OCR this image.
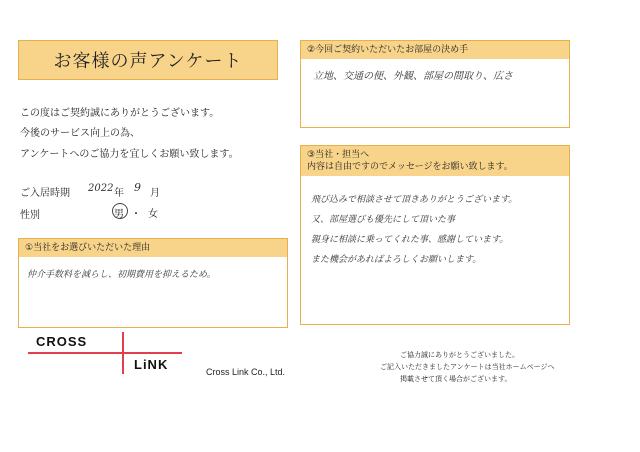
お客様の声アンケート
この度はご契約誠にありがとうございます。
今後のサービス向上の為、
アンケートへのご協力を宜しくお願い致します。
ご入居時期 2022 年 9 月
性別	男 ・ 女
①当社をお選びいただいた理由
仲介手数料を減らし、初期費用を抑えるため。
②今回ご契約いただいたお部屋の決め手
立地、交通の便、外観、部屋の間取り、広さ
③当社・担当へ
内容は自由ですのでメッセージをお願い致します。
飛び込みで相談させて頂きありがとうございます。
又、部屋選びも優先にして頂いた事
親身に相談に乗ってくれた事、感謝しています。
また機会があればよろしくお願いします。
CROSS
LiNK	Cross Link Co., Ltd.
ご協力誠にありがとうございました。
ご記入いただきましたアンケートは当社ホームページへ
掲載させて頂く場合がございます。
